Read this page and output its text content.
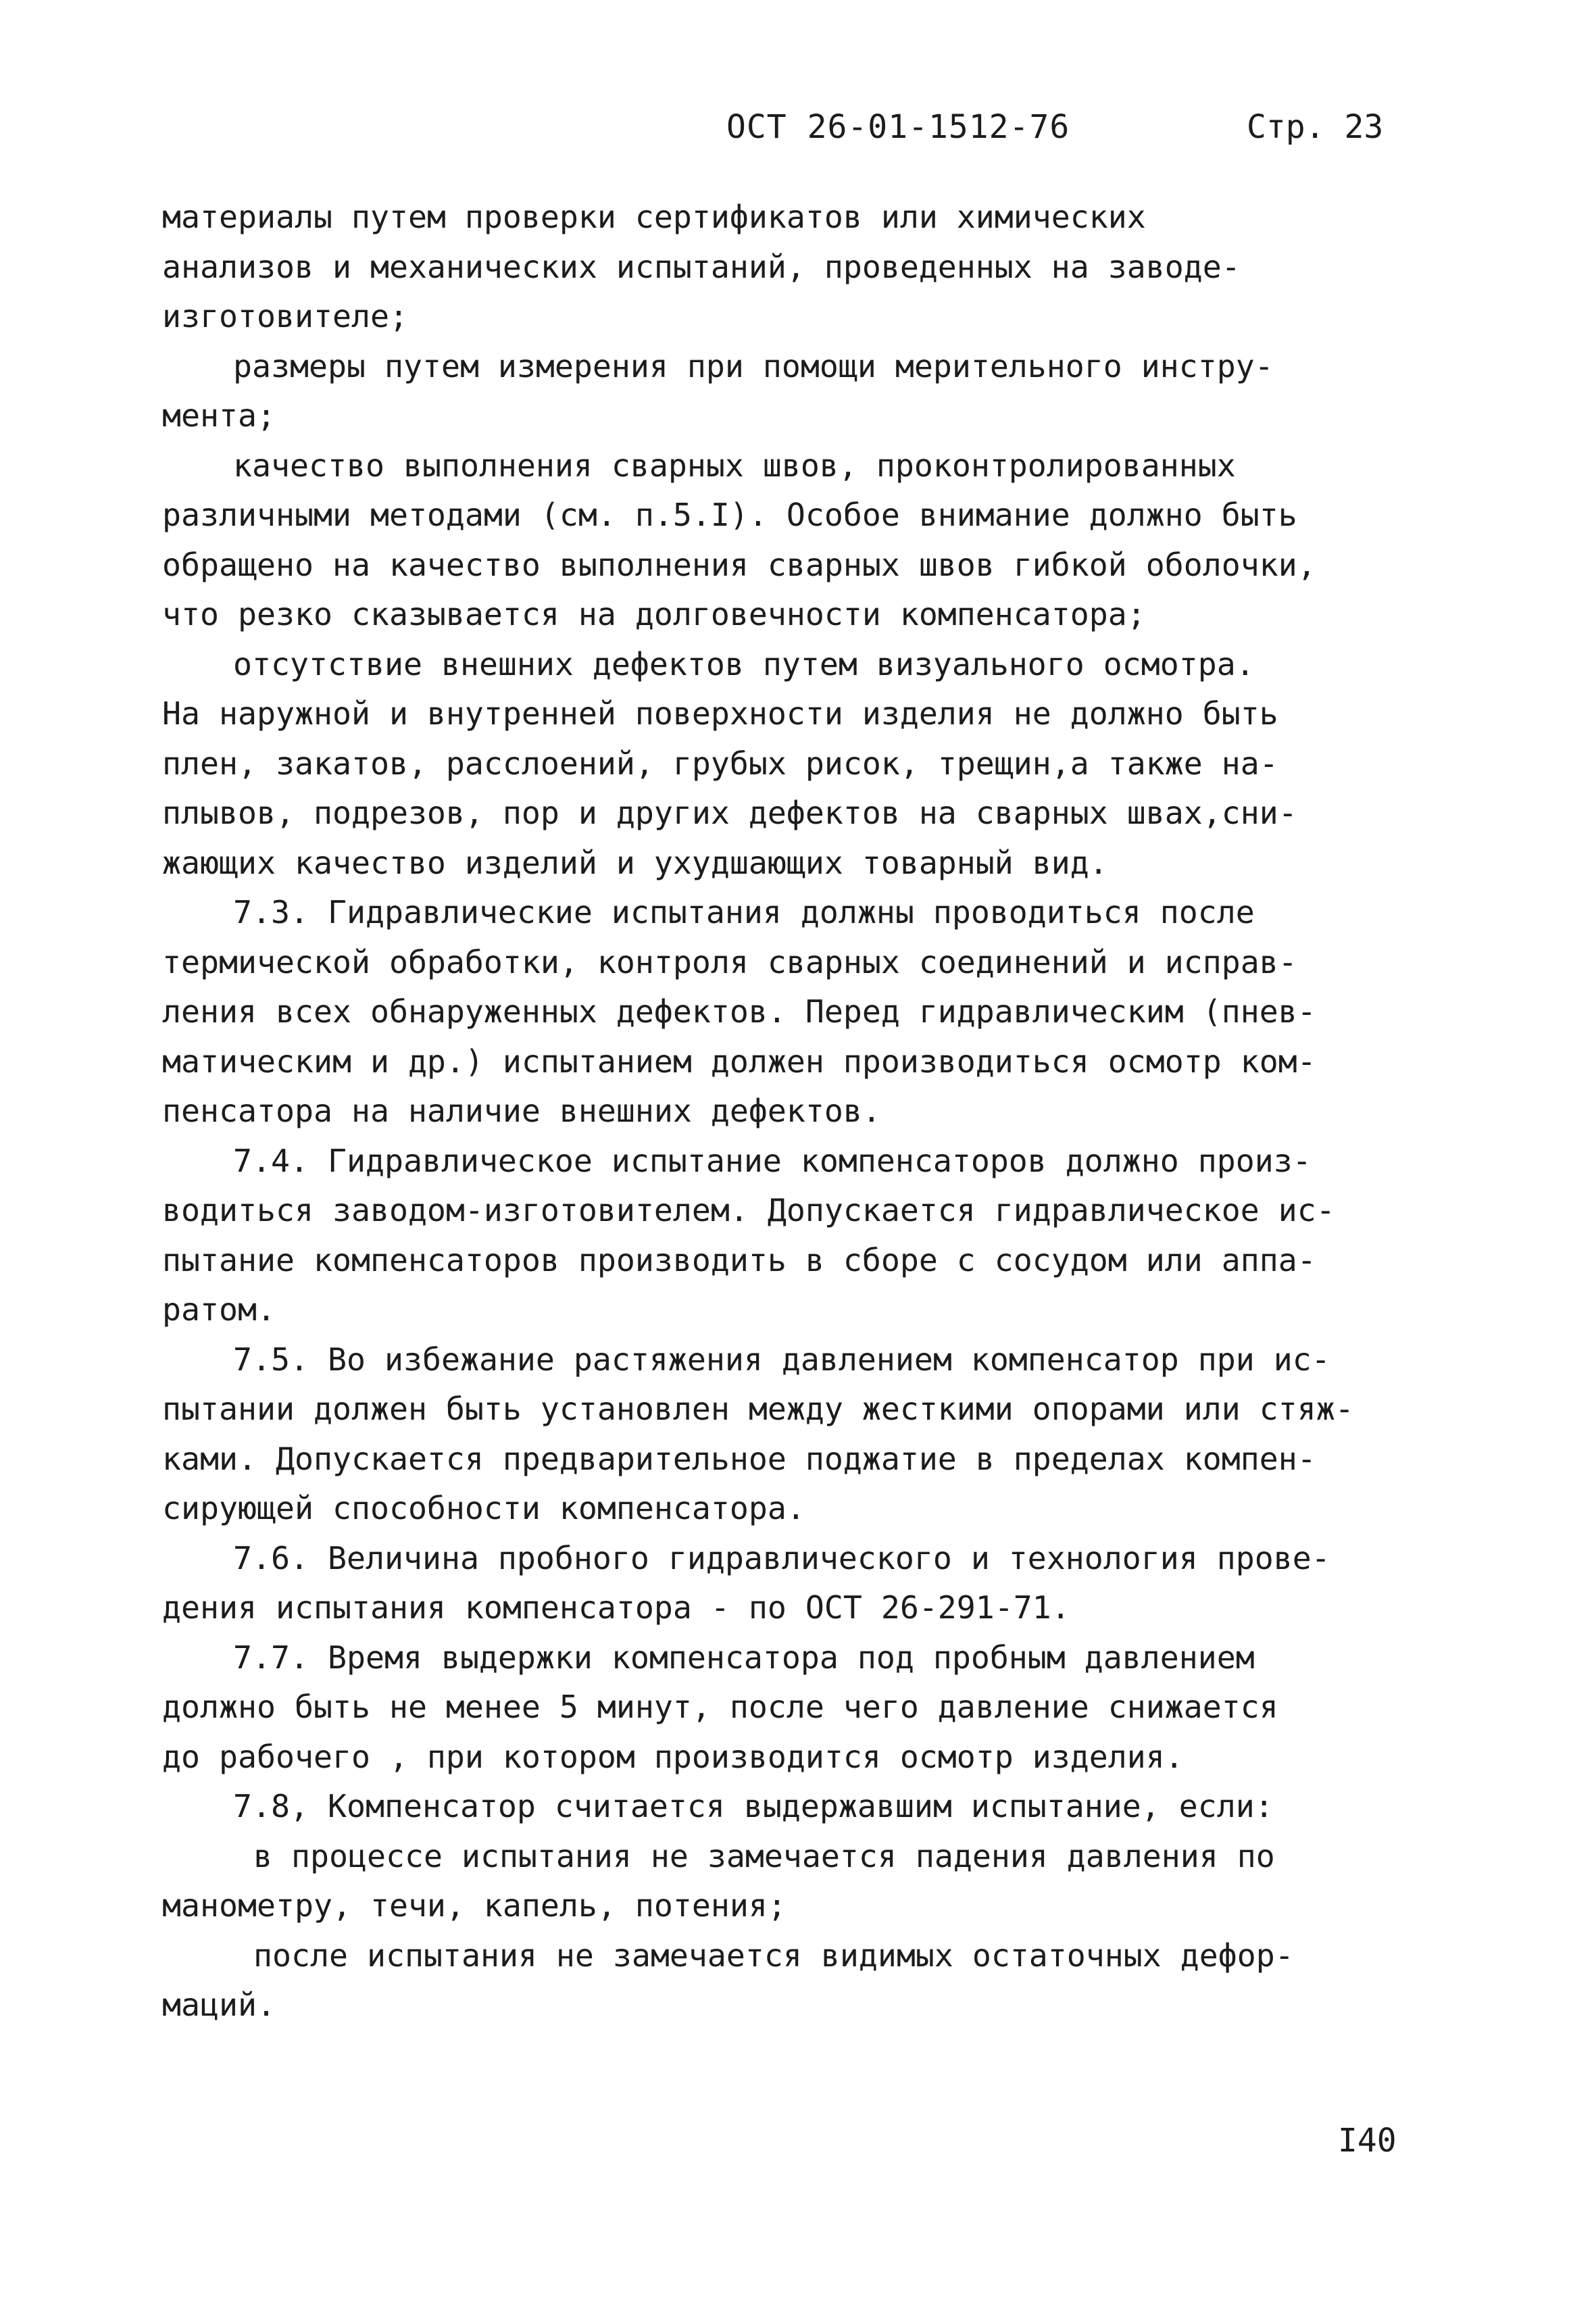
ОСТ 26-01-1512-76	Стр. 23
материалы путем проверки сертификатов или химических
анализов и механических испытаний, проведенных на заводе-
изготовителе;
размеры путем измерения при помощи мерительного инстру-
мента;
качество выполнения сварных швов, проконтролированных
различными методами (см. п.5.I). Особое внимание должно быть
обращено на качество выполнения сварных швов гибкой оболочки,
что резко сказывается на долговечности компенсатора;
отсутствие внешних дефектов путем визуального осмотра.
На наружной и внутренней поверхности изделия не должно быть
плен, закатов, расслоений, грубых рисок, трещин,а также на-
плывов, подрезов, пор и других дефектов на сварных швах,сни-
жающих качество изделий и ухудшающих товарный вид.
7.3. Гидравлические испытания должны проводиться после
термической обработки, контроля сварных соединений и исправ-
ления всех обнаруженных дефектов. Перед гидравлическим (пнев-
матическим и др.) испытанием должен производиться осмотр ком-
пенсатора на наличие внешних дефектов.
7.4. Гидравлическое испытание компенсаторов должно произ-
водиться заводом-изготовителем. Допускается гидравлическое ис-
пытание компенсаторов производить в сборе с сосудом или аппа-
ратом.
7.5. Во избежание растяжения давлением компенсатор при ис-
пытании должен быть установлен между жесткими опорами или стяж-
ками. Допускается предварительное поджатие в пределах компен-
сирующей способности компенсатора.
7.6. Величина пробного гидравлического и технология прове-
дения испытания компенсатора - по ОСТ 26-291-71.
7.7. Время выдержки компенсатора под пробным давлением
должно быть не менее 5 минут, после чего давление снижается
до рабочего , при котором производится осмотр изделия.
7.8, Компенсатор считается выдержавшим испытание, если:
в процессе испытания не замечается падения давления по
манометру, течи, капель, потения;
после испытания не замечается видимых остаточных дефор-
маций.
I40
